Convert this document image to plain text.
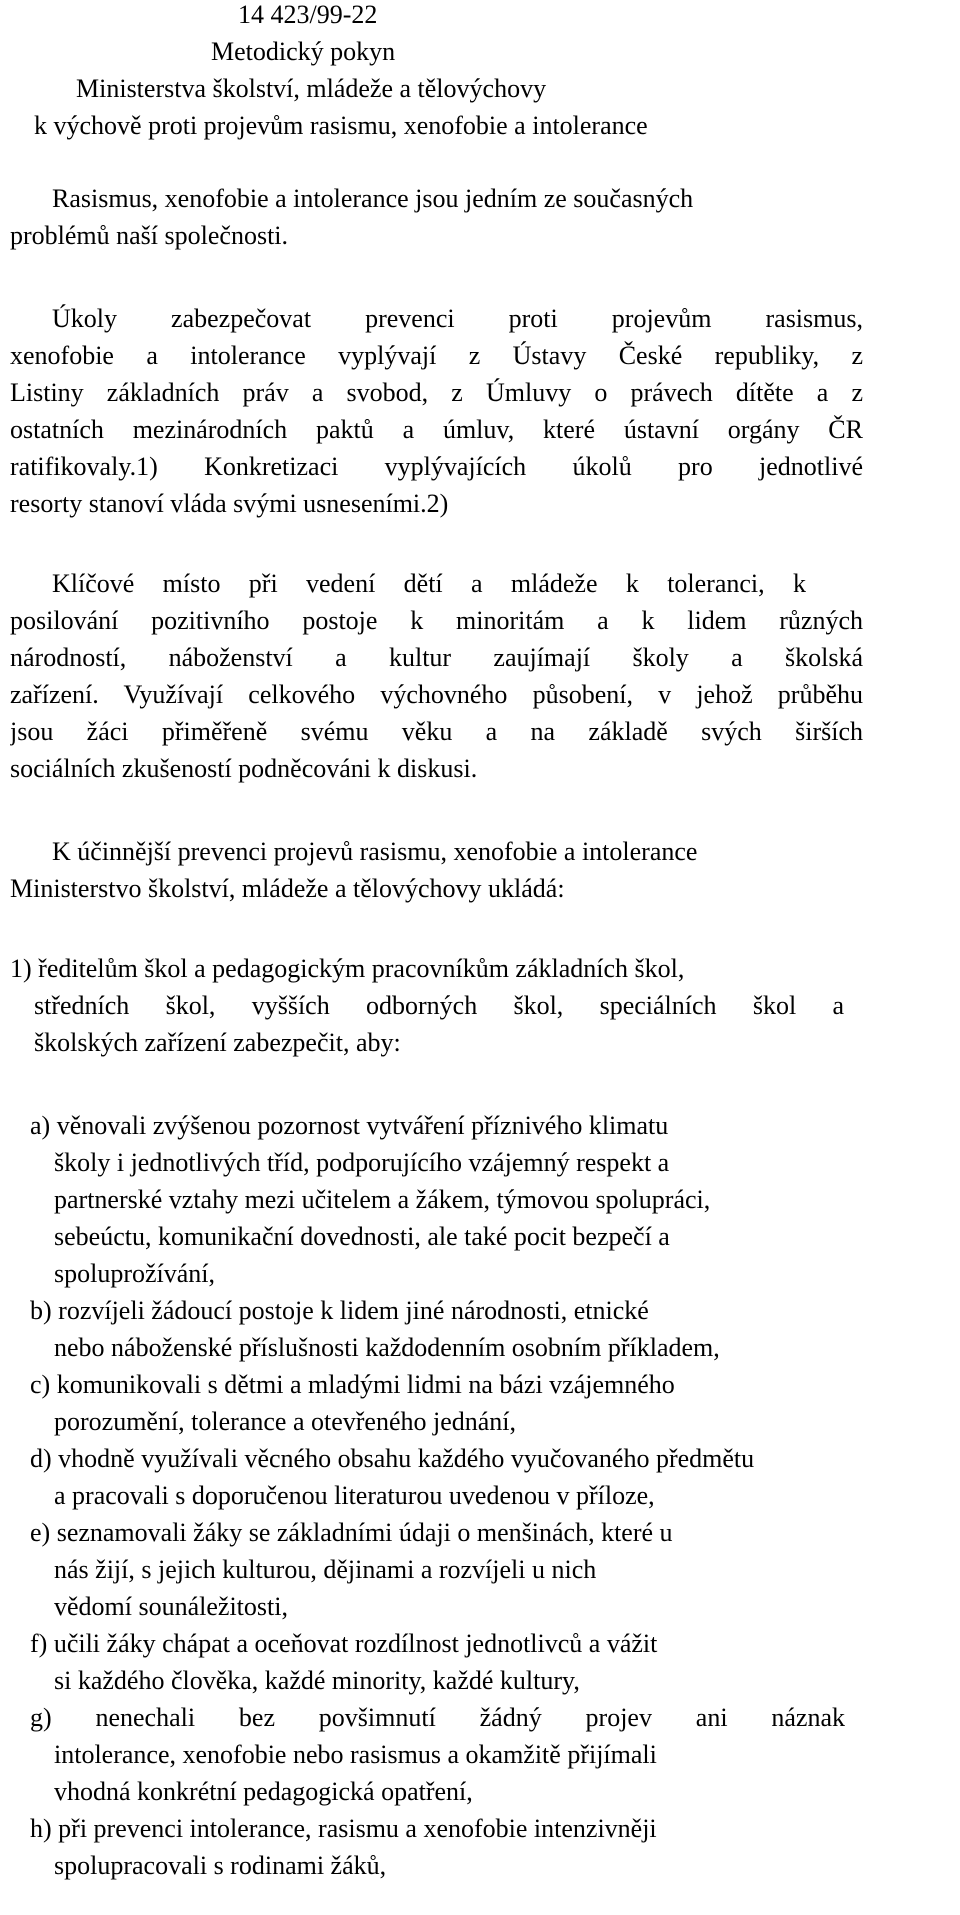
14 423/99-22
Metodický pokyn
Ministerstva školství, mládeže a tělovýchovy
k výchově proti projevům rasismu, xenofobie a intolerance
Rasismus, xenofobie a intolerance jsou jedním ze současných
problémů naší společnosti.
Úkoly zabezpečovat prevenci proti projevům rasismus,
xenofobie a intolerance vyplývají z Ústavy České republiky, z
Listiny základních práv a svobod, z Úmluvy o právech dítěte a z
ostatních mezinárodních paktů a úmluv, které ústavní orgány ČR
ratifikovaly.1) Konkretizaci vyplývajících úkolů pro jednotlivé
resorty stanoví vláda svými usneseními.2)
Klíčové místo při vedení dětí a mládeže k toleranci, k
posilování pozitivního postoje k minoritám a k lidem různých
národností, náboženství a kultur zaujímají školy a školská
zařízení. Využívají celkového výchovného působení, v jehož průběhu
jsou žáci přiměřeně svému věku a na základě svých širších
sociálních zkušeností podněcováni k diskusi.
K účinnější prevenci projevů rasismu, xenofobie a intolerance
Ministerstvo školství, mládeže a tělovýchovy ukládá:
1) ředitelům škol a pedagogickým pracovníkům základních škol,
středních škol, vyšších odborných škol, speciálních škol a
školských zařízení zabezpečit, aby:
a) věnovali zvýšenou pozornost vytváření příznivého klimatu
školy i jednotlivých tříd, podporujícího vzájemný respekt a
partnerské vztahy mezi učitelem a žákem, týmovou spolupráci,
sebeúctu, komunikační dovednosti, ale také pocit bezpečí a
spoluprožívání,
b) rozvíjeli žádoucí postoje k lidem jiné národnosti, etnické
nebo náboženské příslušnosti každodenním osobním příkladem,
c) komunikovali s dětmi a mladými lidmi na bázi vzájemného
porozumění, tolerance a otevřeného jednání,
d) vhodně využívali věcného obsahu každého vyučovaného předmětu
a pracovali s doporučenou literaturou uvedenou v příloze,
e) seznamovali žáky se základními údaji o menšinách, které u
nás žijí, s jejich kulturou, dějinami a rozvíjeli u nich
vědomí sounáležitosti,
f) učili žáky chápat a oceňovat rozdílnost jednotlivců a vážit
si každého člověka, každé minority, každé kultury,
g) nenechali bez povšimnutí žádný projev ani náznak
intolerance, xenofobie nebo rasismus a okamžitě přijímali
vhodná konkrétní pedagogická opatření,
h) při prevenci intolerance, rasismu a xenofobie intenzivněji
spolupracovali s rodinami žáků,
